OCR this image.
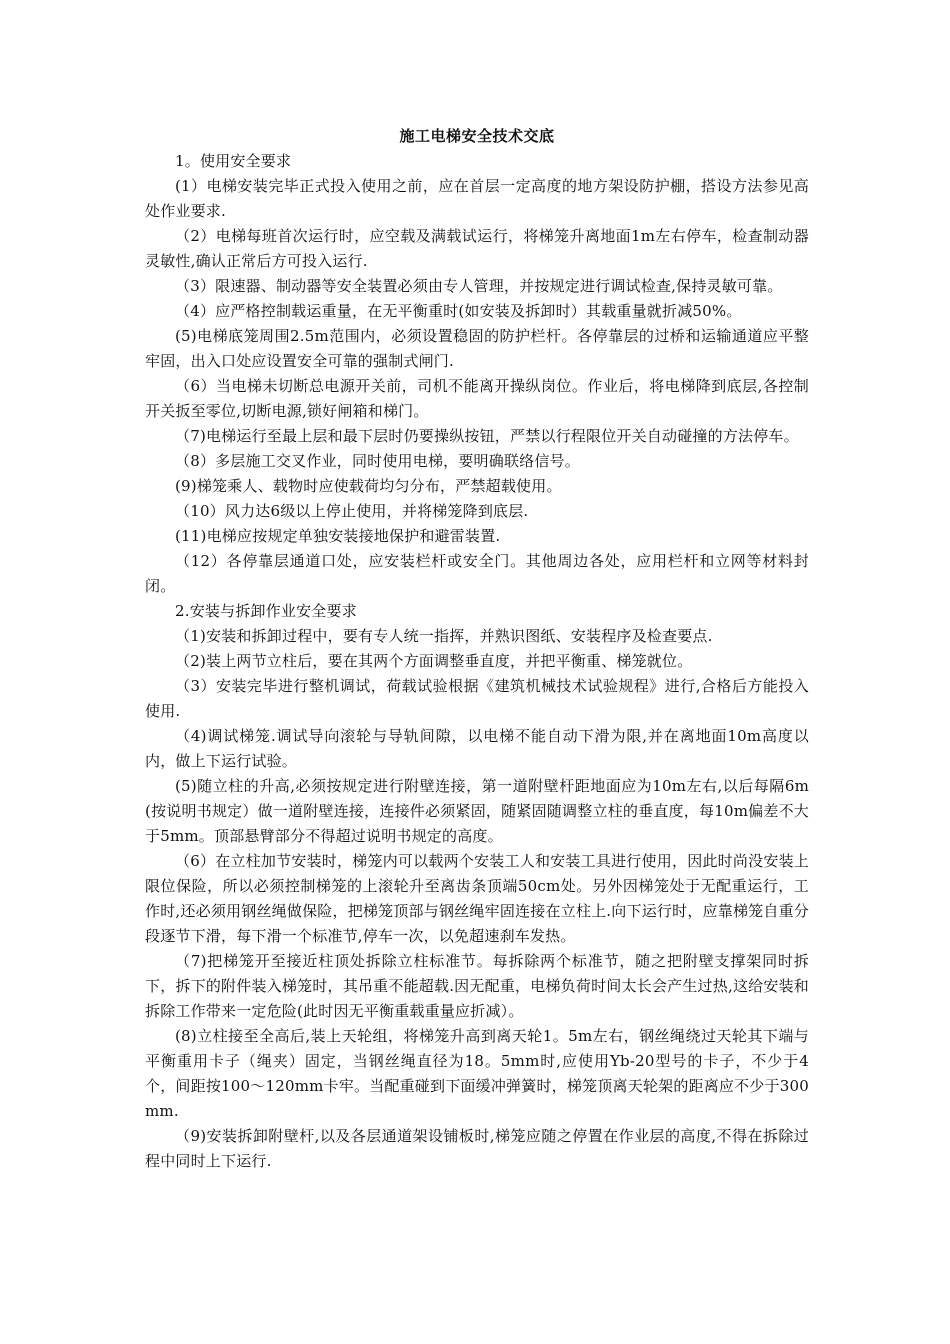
施工电梯安全技术交底

1。使用安全要求

(1）电梯安装完毕正式投入使用之前，应在首层一定高度的地方架设防护棚，搭设方法参见高处作业要求.

（2）电梯每班首次运行时，应空载及满载试运行，将梯笼升离地面1m左右停车，检查制动器灵敏性,确认正常后方可投入运行.

（3）限速器、制动器等安全装置必须由专人管理，并按规定进行调试检查,保持灵敏可靠。

（4）应严格控制载运重量，在无平衡重时(如安装及拆卸时）其载重量就折减50%。

(5)电梯底笼周围2.5m范围内，必须设置稳固的防护栏杆。各停靠层的过桥和运输通道应平整牢固，出入口处应设置安全可靠的强制式闸门.

（6）当电梯未切断总电源开关前，司机不能离开操纵岗位。作业后，将电梯降到底层,各控制开关扳至零位,切断电源,锁好闸箱和梯门。

（7)电梯运行至最上层和最下层时仍要操纵按钮，严禁以行程限位开关自动碰撞的方法停车。

（8）多层施工交叉作业，同时使用电梯，要明确联络信号。

(9)梯笼乘人、载物时应使载荷均匀分布，严禁超载使用。

（10）风力达6级以上停止使用，并将梯笼降到底层.

(11)电梯应按规定单独安装接地保护和避雷装置.

（12）各停靠层通道口处，应安装栏杆或安全门。其他周边各处，应用栏杆和立网等材料封闭。

2.安装与拆卸作业安全要求

（1)安装和拆卸过程中，要有专人统一指挥，并熟识图纸、安装程序及检查要点.

（2)装上两节立柱后，要在其两个方面调整垂直度，并把平衡重、梯笼就位。

（3）安装完毕进行整机调试，荷载试验根据《建筑机械技术试验规程》进行,合格后方能投入使用.

（4)调试梯笼.调试导向滚轮与导轨间隙，以电梯不能自动下滑为限,并在离地面10m高度以内，做上下运行试验。

(5)随立柱的升高,必须按规定进行附壁连接，第一道附壁杆距地面应为10m左右,以后每隔6m(按说明书规定）做一道附壁连接，连接件必须紧固，随紧固随调整立柱的垂直度，每10m偏差不大于5mm。顶部悬臂部分不得超过说明书规定的高度。

（6）在立柱加节安装时，梯笼内可以载两个安装工人和安装工具进行使用，因此时尚没安装上限位保险，所以必须控制梯笼的上滚轮升至离齿条顶端50cm处。另外因梯笼处于无配重运行，工作时,还必须用钢丝绳做保险，把梯笼顶部与钢丝绳牢固连接在立柱上.向下运行时，应靠梯笼自重分段逐节下滑，每下滑一个标准节,停车一次，以免超速刹车发热。

（7)把梯笼开至接近柱顶处拆除立柱标准节。每拆除两个标准节，随之把附壁支撑架同时拆下，拆下的附件装入梯笼时，其吊重不能超载.因无配重，电梯负荷时间太长会产生过热,这给安装和拆除工作带来一定危险(此时因无平衡重载重量应折减）。

(8)立柱接至全高后,装上天轮组，将梯笼升高到离天轮1。5m左右，钢丝绳绕过天轮其下端与平衡重用卡子（绳夹）固定，当钢丝绳直径为18。5mm时,应使用Yb-20型号的卡子，不少于4个，间距按100～120mm卡牢。当配重碰到下面缓冲弹簧时，梯笼顶离天轮架的距离应不少于300mm.

（9)安装拆卸附壁杆,以及各层通道架设铺板时,梯笼应随之停置在作业层的高度,不得在拆除过程中同时上下运行.
